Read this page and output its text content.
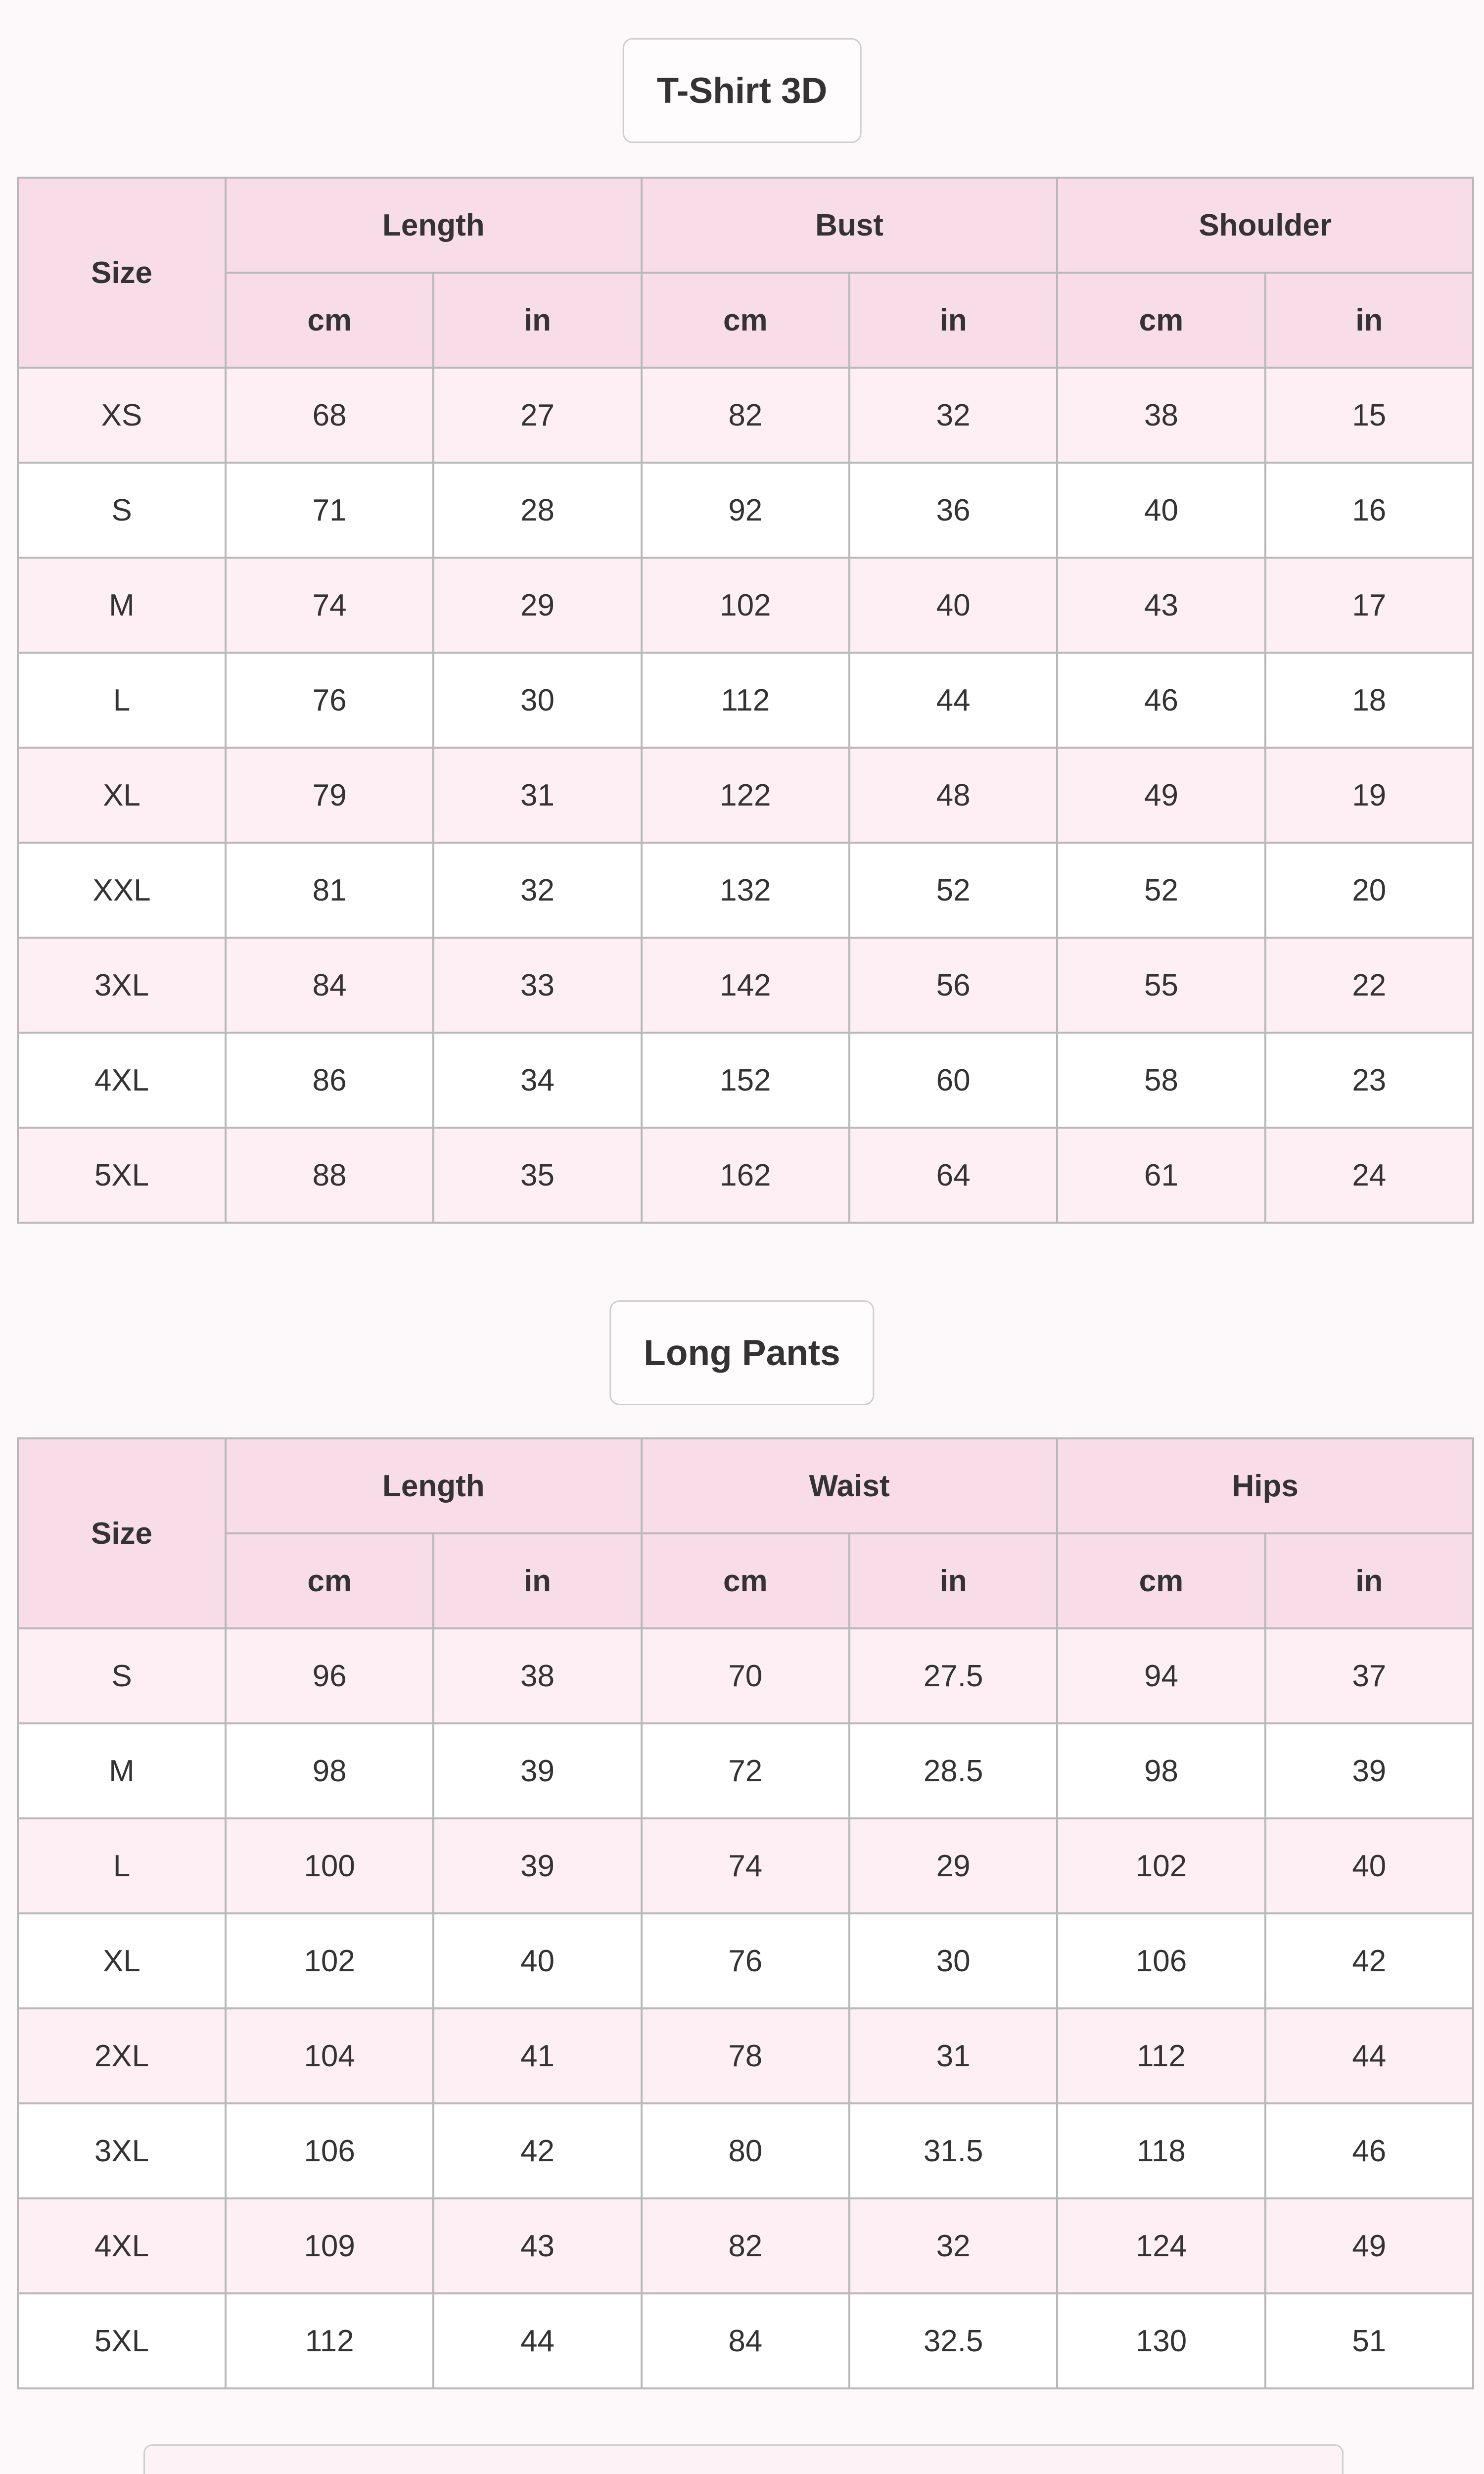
T-Shirt 3D
Size	Length		Bust		Shoulder	
	cm	in	cm	in	cm	in
XS	68	27	82	32	38	15
S	71	28	92	36	40	16
M	74	29	102	40	43	17
L	76	30	112	44	46	18
XL	79	31	122	48	49	19
XXL	81	32	132	52	52	20
3XL	84	33	142	56	55	22
4XL	86	34	152	60	58	23
5XL	88	35	162	64	61	24
Long Pants
Size	Length		Waist		Hips	
	cm	in	cm	in	cm	in
S	96	38	70	27.5	94	37
M	98	39	72	28.5	98	39
L	100	39	74	29	102	40
XL	102	40	76	30	106	42
2XL	104	41	78	31	112	44
3XL	106	42	80	31.5	118	46
4XL	109	43	82	32	124	49
5XL	112	44	84	32.5	130	51
